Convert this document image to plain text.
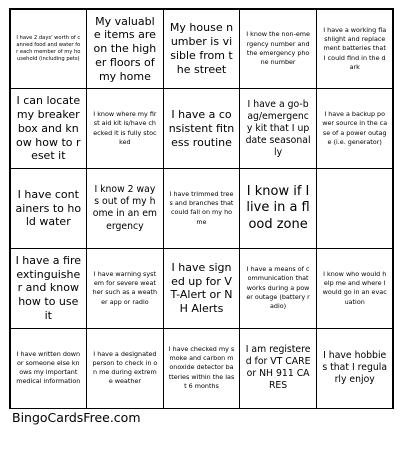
I have 2 days' worth of canned food and water for each member of my household (including pets)
My valuable items are on the higher floors of my home
My house number is visible from the street
I know the non-emergency number and the emergency phone number
I have a working flashlight and replacement batteries that I could find in the dark
I can locate my breaker box and know how to reset it
I know where my first aid kit is/have checked it is fully stocked
I have a consistent fitness routine
I have a go-bag/emergency kit that I update seasonally
I have a backup power source in the case of a power outage (i.e. generator)
I have containers to hold water
I know 2 ways out of my home in an emergency
I have trimmed trees and branches that could fall on my home
I know if I live in a flood zone
I have a fire extinguisher and know how to use it
I have warning system for severe weather such as a weather app or radio
I have signed up for VT-Alert or NH Alerts
I have a means of communication that works during a power outage (battery radio)
I know who would help me and where I would go in an evacuation
I have written down or someone else knows my important medical information
I have a designated person to check in on me during extreme weather
I have checked my smoke and carbon monoxide detector batteries within the last 6 months
I am registered for VT CARE or NH 911 CARES
I have hobbies that I regularly enjoy
BingoCardsFree.com
